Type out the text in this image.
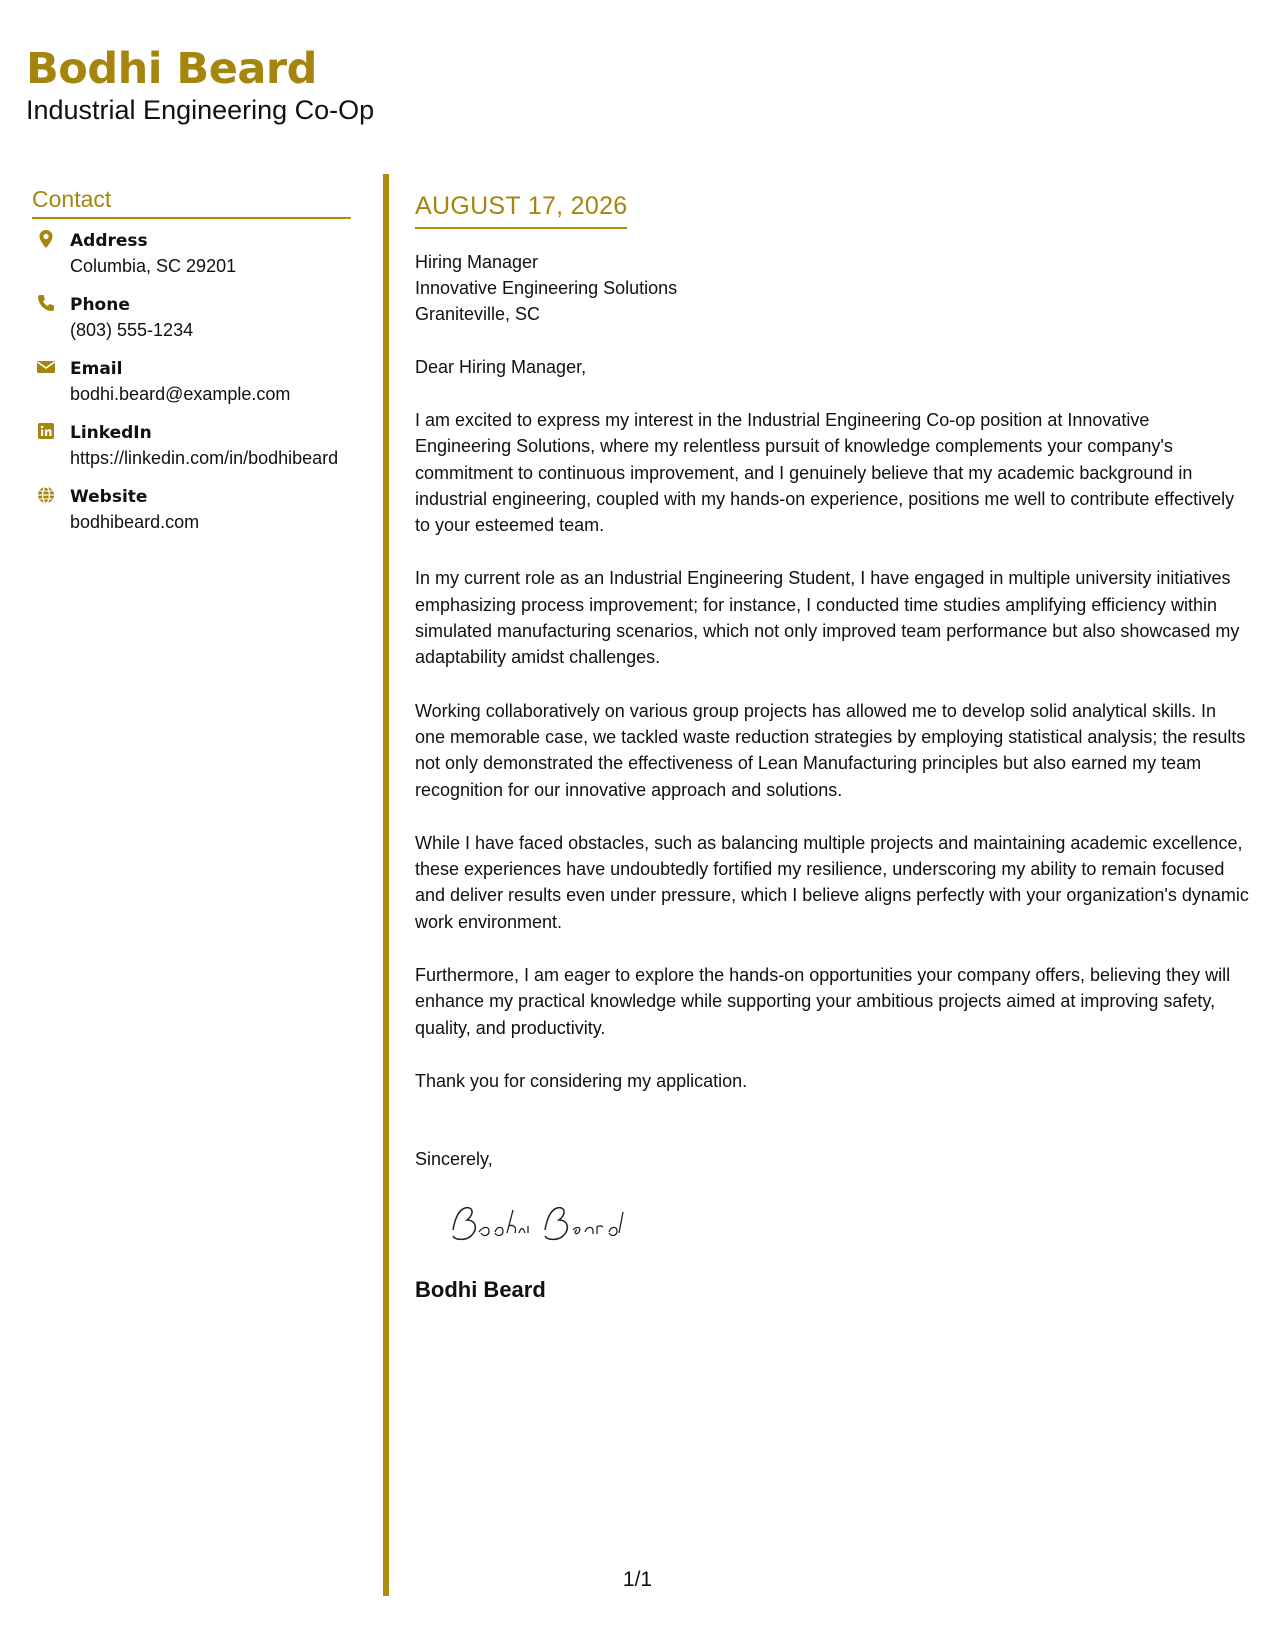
Bodhi Beard
Industrial Engineering Co-Op
Contact
Address
Columbia, SC 29201
Phone
(803) 555-1234
Email
bodhi.beard@example.com
LinkedIn
https://linkedin.com/in/bodhibeard
Website
bodhibeard.com
AUGUST 17, 2026
Hiring Manager
Innovative Engineering Solutions
Graniteville, SC
Dear Hiring Manager,
I am excited to express my interest in the Industrial Engineering Co-op position at Innovative Engineering Solutions, where my relentless pursuit of knowledge complements your company's commitment to continuous improvement, and I genuinely believe that my academic background in industrial engineering, coupled with my hands-on experience, positions me well to contribute effectively to your esteemed team.
In my current role as an Industrial Engineering Student, I have engaged in multiple university initiatives emphasizing process improvement; for instance, I conducted time studies amplifying efficiency within simulated manufacturing scenarios, which not only improved team performance but also showcased my adaptability amidst challenges.
Working collaboratively on various group projects has allowed me to develop solid analytical skills. In one memorable case, we tackled waste reduction strategies by employing statistical analysis; the results not only demonstrated the effectiveness of Lean Manufacturing principles but also earned my team recognition for our innovative approach and solutions.
While I have faced obstacles, such as balancing multiple projects and maintaining academic excellence, these experiences have undoubtedly fortified my resilience, underscoring my ability to remain focused and deliver results even under pressure, which I believe aligns perfectly with your organization's dynamic work environment.
Furthermore, I am eager to explore the hands-on opportunities your company offers, believing they will enhance my practical knowledge while supporting your ambitious projects aimed at improving safety, quality, and productivity.
Thank you for considering my application.
Sincerely,
Bodhi Beard
1/1
